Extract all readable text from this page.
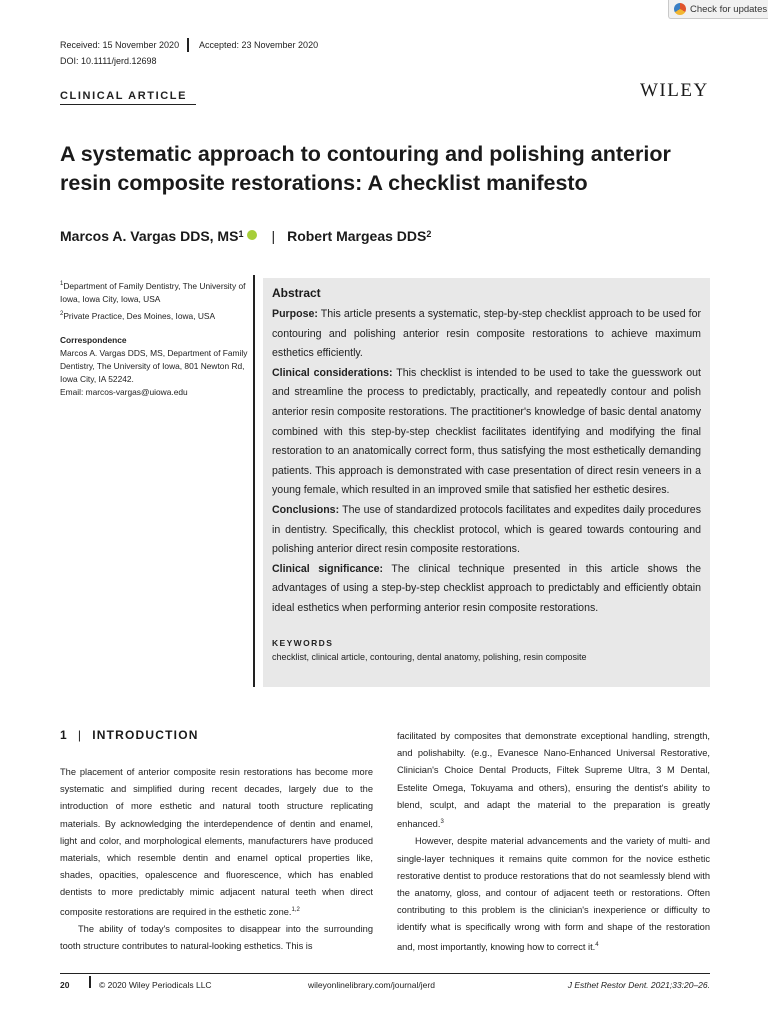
Check for updates
Received: 15 November 2020 Accepted: 23 November 2020
DOI: 10.1111/jerd.12698
CLINICAL ARTICLE	WILEY
A systematic approach to contouring and polishing anterior resin composite restorations: A checklist manifesto
Marcos A. Vargas DDS, $MS^1$ | Robert Margeas DDS$^2$
$^1$Department of Family Dentistry, The University of Iowa, Iowa City, Iowa, USA
$^2$Private Practice, Des Moines, Iowa, USA
Correspondence
Marcos A. Vargas DDS, MS, Department of Family Dentistry, The University of Iowa, 801 Newton Rd, Iowa City, IA 52242.
Email: marcos-vargas@uiowa.edu
Abstract

Purpose: This article presents a systematic, step-by-step checklist approach to be used for contouring and polishing anterior resin composite restorations to achieve maximum esthetics efficiently.

Clinical considerations: This checklist is intended to be used to take the guesswork out and streamline the process to predictably, practically, and repeatedly contour and polish anterior resin composite restorations. The practitioner's knowledge of basic dental anatomy combined with this step-by-step checklist facilitates identifying and modifying the final restoration to an anatomically correct form, thus satisfying the most esthetically demanding patients. This approach is demonstrated with case presentation of direct resin veneers in a young female, which resulted in an improved smile that satisfied her esthetic desires.

Conclusions: The use of standardized protocols facilitates and expedites daily procedures in dentistry. Specifically, this checklist protocol, which is geared towards contouring and polishing anterior direct resin composite restorations.

Clinical significance: The clinical technique presented in this article shows the advantages of using a step-by-step checklist approach to predictably and efficiently obtain ideal esthetics when performing anterior resin composite restorations.

KEYWORDS
checklist, clinical article, contouring, dental anatomy, polishing, resin composite
1 | INTRODUCTION

The placement of anterior composite resin restorations has become more systematic and simplified during recent decades, largely due to the introduction of more esthetic and natural tooth structure replicating materials. By acknowledging the interdependence of dentin and enamel, light and color, and morphological elements, manufacturers have produced materials, which resemble dentin and enamel optical properties like, shades, opacities, opalescence and fluorescence, which has enabled dentists to more predictably mimic adjacent natural teeth when direct composite restorations are required in the esthetic zone.$^{1,2}$

The ability of today's composites to disappear into the surrounding tooth structure contributes to natural-looking esthetics. This is

facilitated by composites that demonstrate exceptional handling, strength, and polishabilty. (e.g., Evanesce Nano-Enhanced Universal Restorative, Clinician's Choice Dental Products, Filtek Supreme Ultra, 3 M Dental, Estelite Omega, Tokuyama and others), ensuring the dentist's ability to blend, sculpt, and adapt the material to the preparation is greatly enhanced.$^3$

However, despite material advancements and the variety of multi- and single-layer techniques it remains quite common for the novice esthetic restorative dentist to produce restorations that do not seamlessly blend with the anatomy, gloss, and contour of adjacent teeth or restorations. Often contributing to this problem is the clinician's inexperience or difficulty to identify what is specifically wrong with form and shape of the restoration and, most importantly, knowing how to correct it.$^4$

20	© 2020 Wiley Periodicals LLC	wileyonlinelibrary.com/journal/jerd	J Esthet Restor Dent. 2021;33:20–26.
